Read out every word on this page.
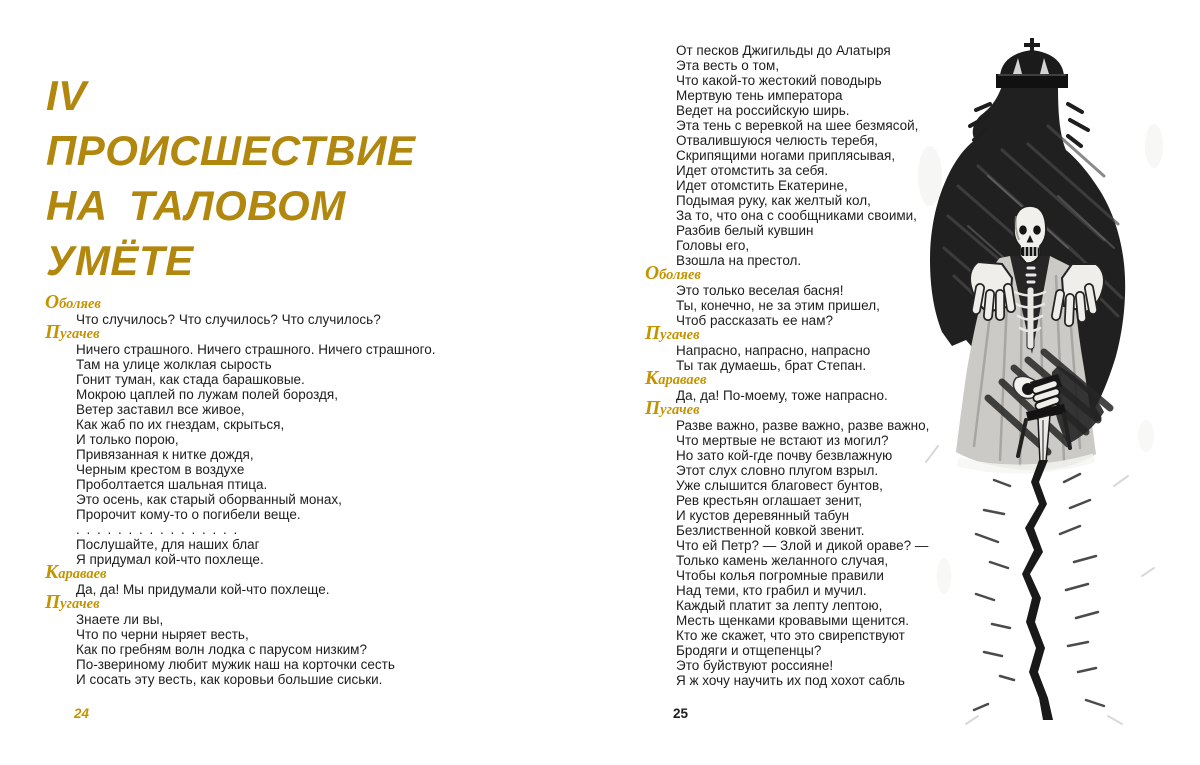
IV
ПРОИСШЕСТВИЕ
НА ТАЛОВОМ
УМЁТЕ
Оболяев
Что случилось? Что случилось? Что случилось?
Пугачев
Ничего страшного. Ничего страшного. Ничего страшного.
Там на улице жолклая сырость
Гонит туман, как стада барашковые.
Мокрою цаплей по лужам полей бороздя,
Ветер заставил все живое,
Как жаб по их гнездам, скрыться,
И только порою,
Привязанная к нитке дождя,
Черным крестом в воздухе
Проболтается шальная птица.
Это осень, как старый оборванный монах,
Пророчит кому-то о погибели веще.
. . . . . . . . . . . . . . . .
Послушайте, для наших благ
Я придумал кой-что похлеще.
Караваев
Да, да! Мы придумали кой-что похлеще.
Пугачев
Знаете ли вы,
Что по черни ныряет весть,
Как по гребням волн лодка с парусом низким?
По-звериному любит мужик наш на корточки сесть
И сосать эту весть, как коровьи большие сиськи.
24
От песков Джигильды до Алатыря
Эта весть о том,
Что какой-то жестокий поводырь
Мертвую тень императора
Ведет на российскую ширь.
Эта тень с веревкой на шее безмясой,
Отвалившуюся челюсть теребя,
Скрипящими ногами приплясывая,
Идет отомстить за себя.
Идет отомстить Екатерине,
Подымая руку, как желтый кол,
За то, что она с сообщниками своими,
Разбив белый кувшин
Головы его,
Взошла на престол.
Оболяев
Это только веселая басня!
Ты, конечно, не за этим пришел,
Чтоб рассказать ее нам?
Пугачев
Напрасно, напрасно, напрасно
Ты так думаешь, брат Степан.
Караваев
Да, да! По-моему, тоже напрасно.
Пугачев
Разве важно, разве важно, разве важно,
Что мертвые не встают из могил?
Но зато кой-где почву безвлажную
Этот слух словно плугом взрыл.
Уже слышится благовест бунтов,
Рев крестьян оглашает зенит,
И кустов деревянный табун
Безлиственной ковкой звенит.
Что ей Петр? — Злой и дикой ораве? —
Только камень желанного случая,
Чтобы колья погромные правили
Над теми, кто грабил и мучил.
Каждый платит за лепту лептою,
Месть щенками кровавыми щенится.
Кто же скажет, что это свирепствуют
Бродяги и отщепенцы?
Это буйствуют россияне!
Я ж хочу научить их под хохот сабль
25
